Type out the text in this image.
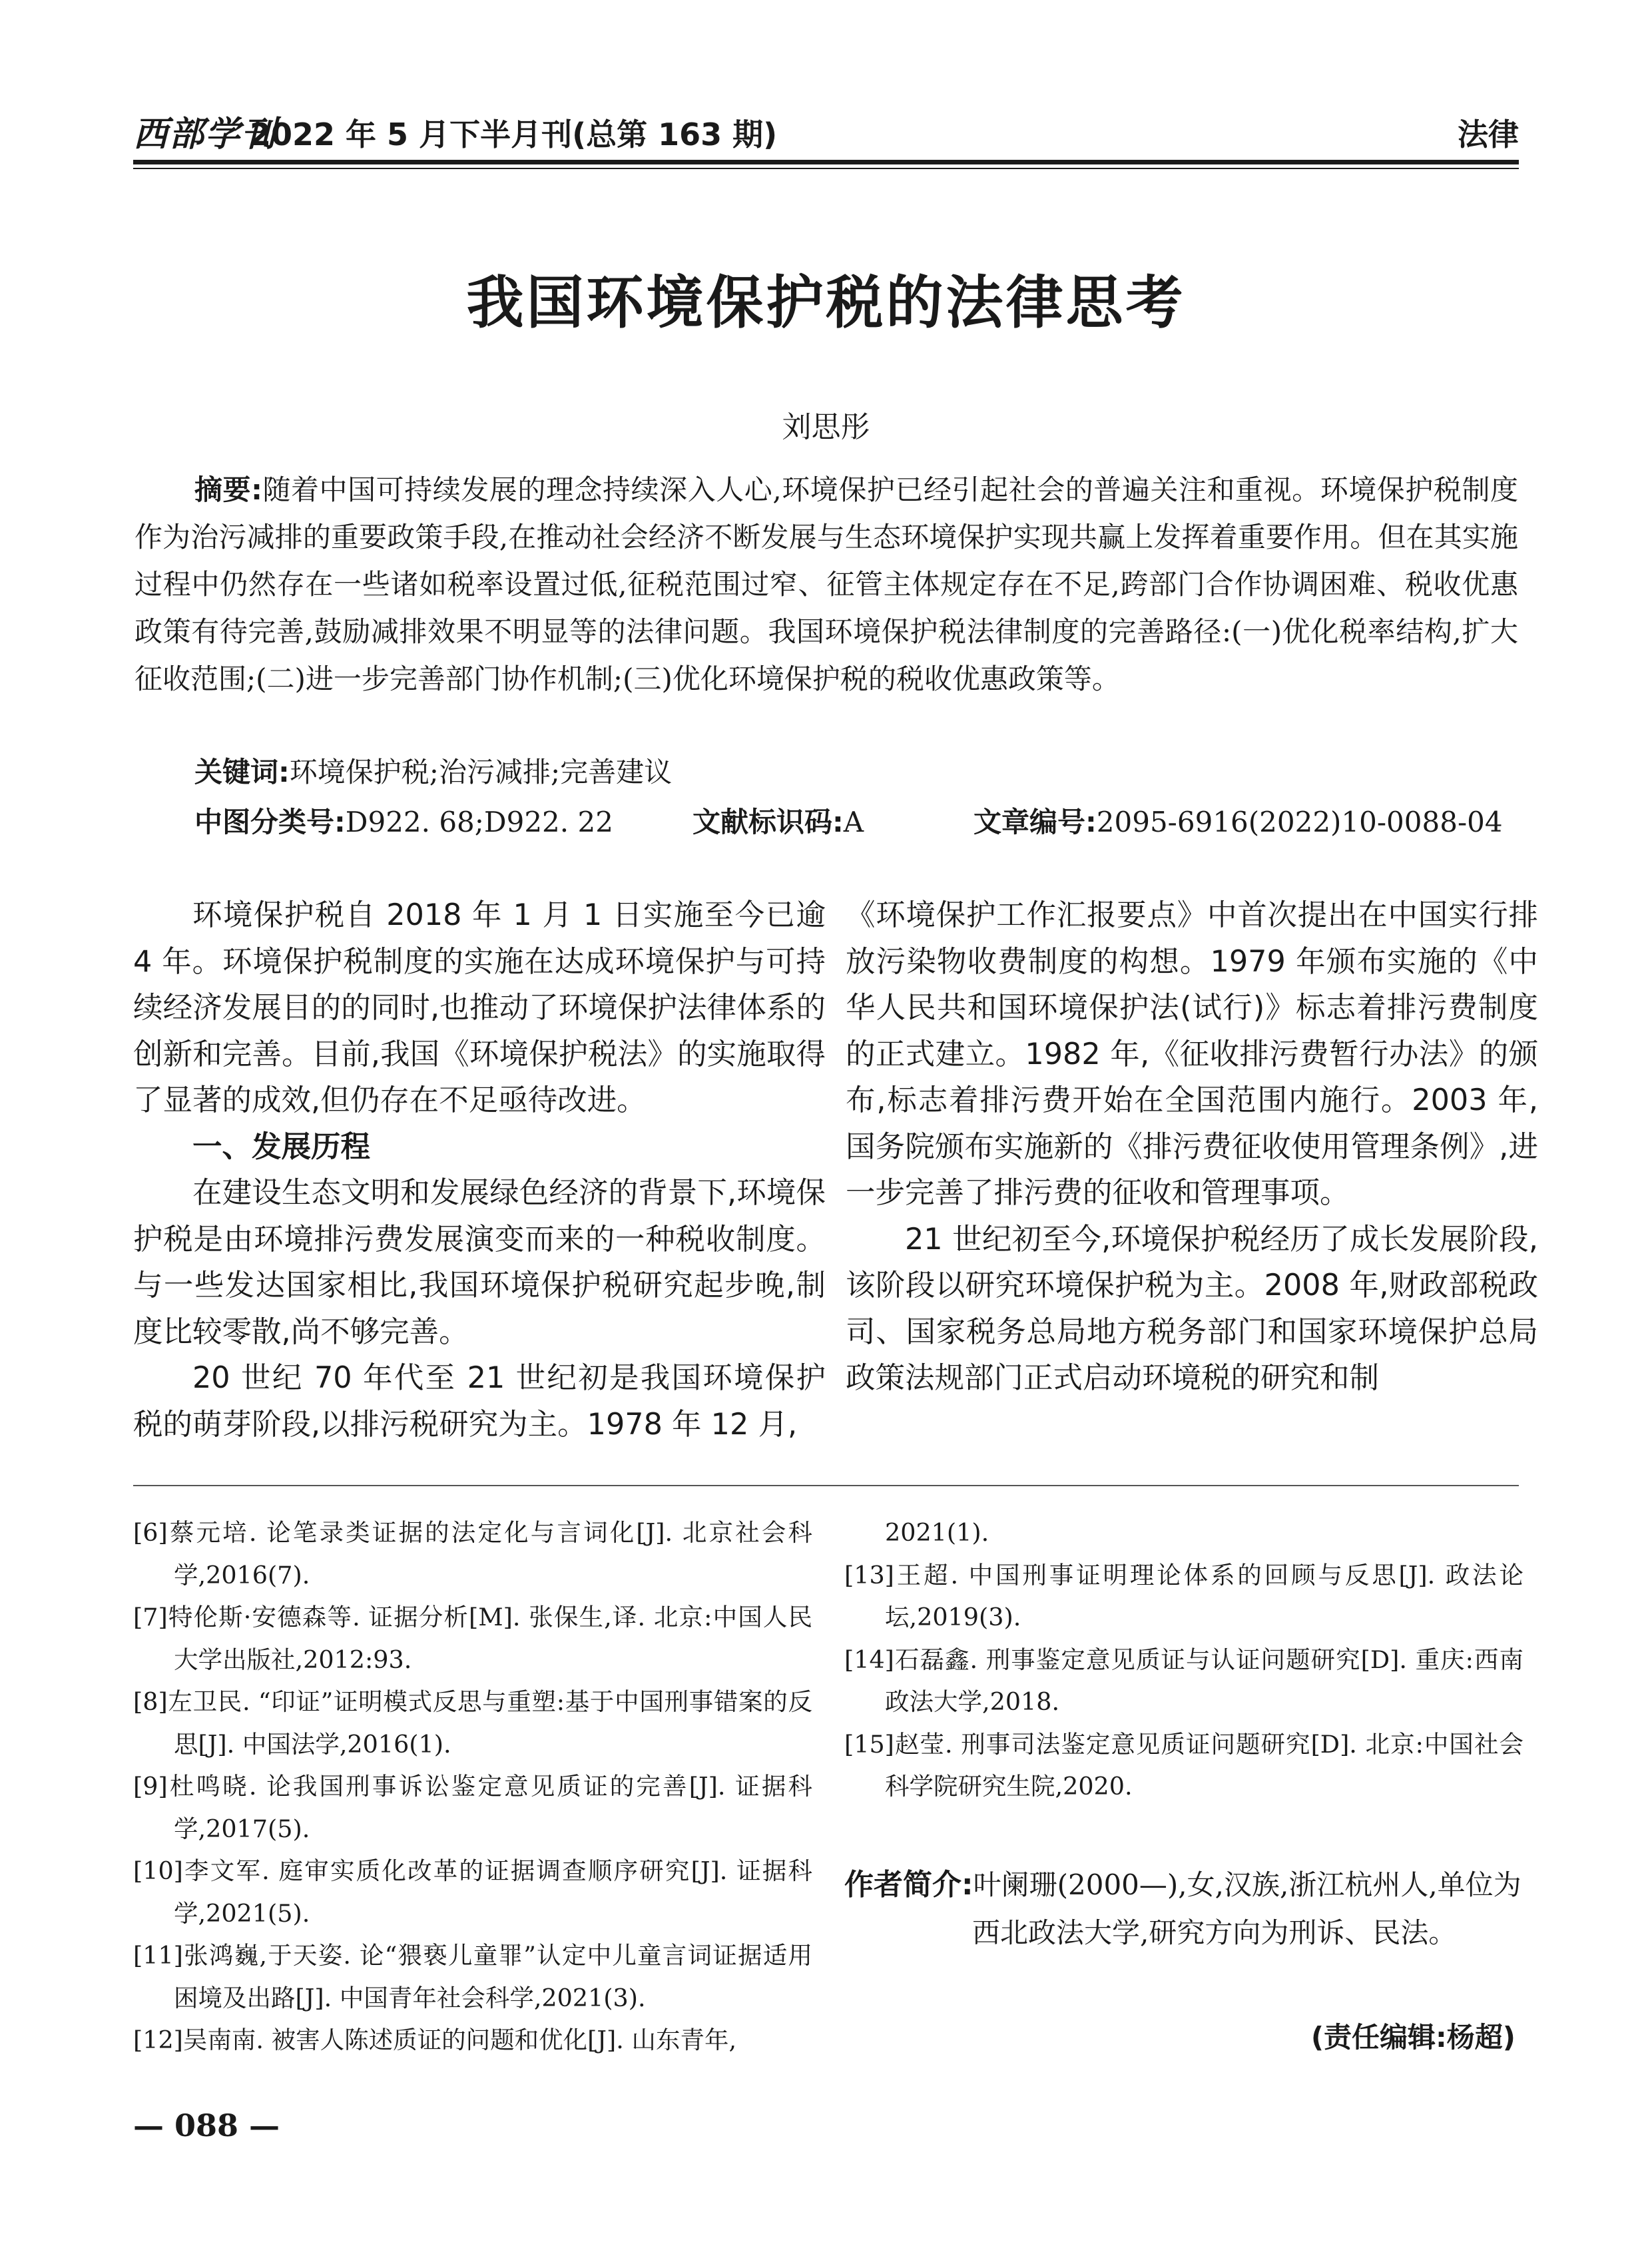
西部学刊
2022 年 5 月下半月刊(总第 163 期)	法律
我国环境保护税的法律思考
刘思彤
摘要:随着中国可持续发展的理念持续深入人心,环境保护已经引起社会的普遍关注和重视。环境保护税制度作为治污减排的重要政策手段,在推动社会经济不断发展与生态环境保护实现共赢上发挥着重要作用。但在其实施过程中仍然存在一些诸如税率设置过低,征税范围过窄、征管主体规定存在不足,跨部门合作协调困难、税收优惠政策有待完善,鼓励减排效果不明显等的法律问题。我国环境保护税法律制度的完善路径:(一)优化税率结构,扩大征收范围;(二)进一步完善部门协作机制;(三)优化环境保护税的税收优惠政策等。
关键词:环境保护税;治污减排;完善建议
中图分类号:D922. 68;D922. 22	文献标识码:A	文章编号:2095-6916(2022)10-0088-04

环境保护税自 2018 年 1 月 1 日实施至今已逾 4 年。环境保护税制度的实施在达成环境保护与可持续经济发展目的的同时,也推动了环境保护法律体系的创新和完善。目前,我国《环境保护税法》的实施取得了显著的成效,但仍存在不足亟待改进。

一、发展历程

在建设生态文明和发展绿色经济的背景下,环境保护税是由环境排污费发展演变而来的一种税收制度。与一些发达国家相比,我国环境保护税研究起步晚,制度比较零散,尚不够完善。

20 世纪 70 年代至 21 世纪初是我国环境保护税的萌芽阶段,以排污税研究为主。1978 年 12 月,

《环境保护工作汇报要点》中首次提出在中国实行排放污染物收费制度的构想。1979 年颁布实施的《中华人民共和国环境保护法(试行)》标志着排污费制度的正式建立。1982 年,《征收排污费暂行办法》的颁布,标志着排污费开始在全国范围内施行。2003 年,国务院颁布实施新的《排污费征收使用管理条例》,进一步完善了排污费的征收和管理事项。

21 世纪初至今,环境保护税经历了成长发展阶段,该阶段以研究环境保护税为主。2008 年,财政部税政司、国家税务总局地方税务部门和国家环境保护总局政策法规部门正式启动环境税的研究和制

[6]蔡元培. 论笔录类证据的法定化与言词化[J]. 北京社会科学,2016(7).

[7]特伦斯·安德森等. 证据分析[M]. 张保生,译. 北京:中国人民大学出版社,2012:93.

[8]左卫民. “印证”证明模式反思与重塑:基于中国刑事错案的反思[J]. 中国法学,2016(1).

[9]杜鸣晓. 论我国刑事诉讼鉴定意见质证的完善[J]. 证据科学,2017(5).

[10]李文军. 庭审实质化改革的证据调查顺序研究[J]. 证据科学,2021(5).

[11]张鸿巍,于天姿. 论“猥亵儿童罪”认定中儿童言词证据适用困境及出路[J]. 中国青年社会科学,2021(3).

[12]吴南南. 被害人陈述质证的问题和优化[J]. 山东青年,

2021(1).

[13]王超. 中国刑事证明理论体系的回顾与反思[J]. 政法论坛,2019(3).

[14]石磊鑫. 刑事鉴定意见质证与认证问题研究[D]. 重庆:西南政法大学,2018.

[15]赵莹. 刑事司法鉴定意见质证问题研究[D]. 北京:中国社会科学院研究生院,2020.

作者简介:叶阑珊(2000—),女,汉族,浙江杭州人,单位为西北政法大学,研究方向为刑诉、民法。

(责任编辑:杨超)
— 088 —
